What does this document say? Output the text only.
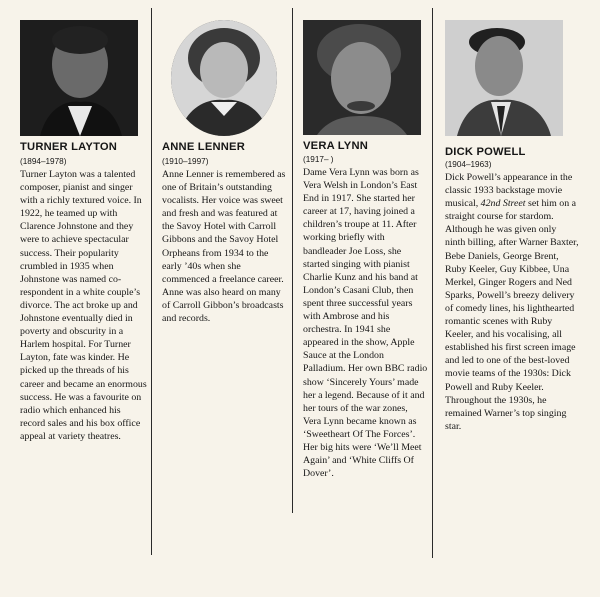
TURNER LAYTON
(1894–1978)

Turner Layton was a talented composer, pianist and singer with a richly textured voice. In 1922, he teamed up with Clarence Johnstone and they were to achieve spectacular success. Their popularity crumbled in 1935 when Johnstone was named co-respondent in a white couple’s divorce. The act broke up and Johnstone eventually died in poverty and obscurity in a Harlem hospital. For Turner Layton, fate was kinder. He picked up the threads of his career and became an enormous success. He was a favourite on radio which enhanced his record sales and his box office appeal at variety theatres.

ANNE LENNER
(1910–1997)

Anne Lenner is remembered as one of Britain’s outstanding vocalists. Her voice was sweet and fresh and was featured at the Savoy Hotel with Carroll Gibbons and the Savoy Hotel Orpheans from 1934 to the early ’40s when she commenced a freelance career. Anne was also heard on many of Carroll Gibbon’s broadcasts and records.

VERA LYNN
(1917– )

Dame Vera Lynn was born as Vera Welsh in London’s East End in 1917. She started her career at 17, having joined a children’s troupe at 11. After working briefly with bandleader Joe Loss, she started singing with pianist Charlie Kunz and his band at London’s Casani Club, then spent three successful years with Ambrose and his orchestra. In 1941 she appeared in the show, Apple Sauce at the London Palladium. Her own BBC radio show ‘Sincerely Yours’ made her a legend. Because of it and her tours of the war zones, Vera Lynn became known as ‘Sweetheart Of The Forces’. Her big hits were ‘We’ll Meet Again’ and ‘White Cliffs Of Dover’.

DICK POWELL
(1904–1963)

Dick Powell’s appearance in the classic 1933 backstage movie musical, 42nd Street set him on a straight course for stardom. Although he was given only ninth billing, after Warner Baxter, Bebe Daniels, George Brent, Ruby Keeler, Guy Kibbee, Una Merkel, Ginger Rogers and Ned Sparks, Powell’s breezy delivery of comedy lines, his lighthearted romantic scenes with Ruby Keeler, and his vocalising, all established his first screen image and led to one of the best-loved movie teams of the 1930s: Dick Powell and Ruby Keeler. Throughout the 1930s, he remained Warner’s top singing star.
